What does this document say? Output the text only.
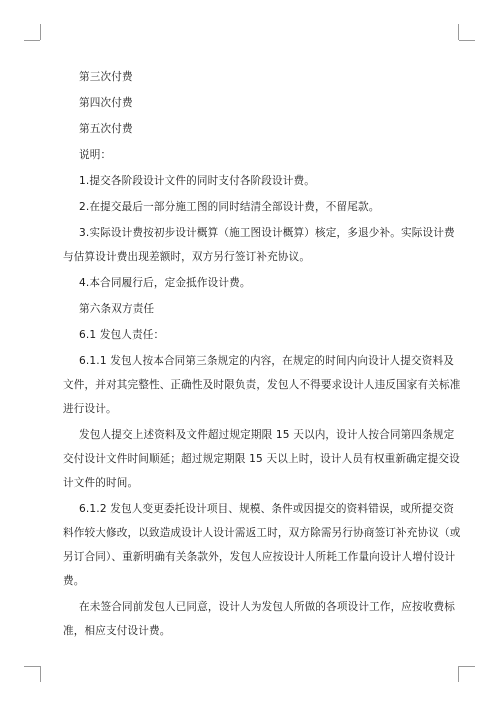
第三次付费
第四次付费
第五次付费
说明：
1.提交各阶段设计文件的同时支付各阶段设计费。
2.在提交最后一部分施工图的同时结清全部设计费，不留尾款。
3.实际设计费按初步设计概算（施工图设计概算）核定，多退少补。实际设计费
与估算设计费出现差额时，双方另行签订补充协议。
4.本合同履行后，定金抵作设计费。
第六条双方责任
6.1 发包人责任：
6.1.1 发包人按本合同第三条规定的内容，在规定的时间内向设计人提交资料及
文件，并对其完整性、正确性及时限负责，发包人不得要求设计人违反国家有关标准
进行设计。
发包人提交上述资料及文件超过规定期限 15 天以内，设计人按合同第四条规定
交付设计文件时间顺延；超过规定期限 15 天以上时，设计人员有权重新确定提交设
计文件的时间。
6.1.2 发包人变更委托设计项目、规模、条件或因提交的资料错误，或所提交资
料作较大修改，以致造成设计人设计需返工时，双方除需另行协商签订补充协议（或
另订合同）、重新明确有关条款外，发包人应按设计人所耗工作量向设计人增付设计
费。
在未签合同前发包人已同意，设计人为发包人所做的各项设计工作，应按收费标
准，相应支付设计费。
